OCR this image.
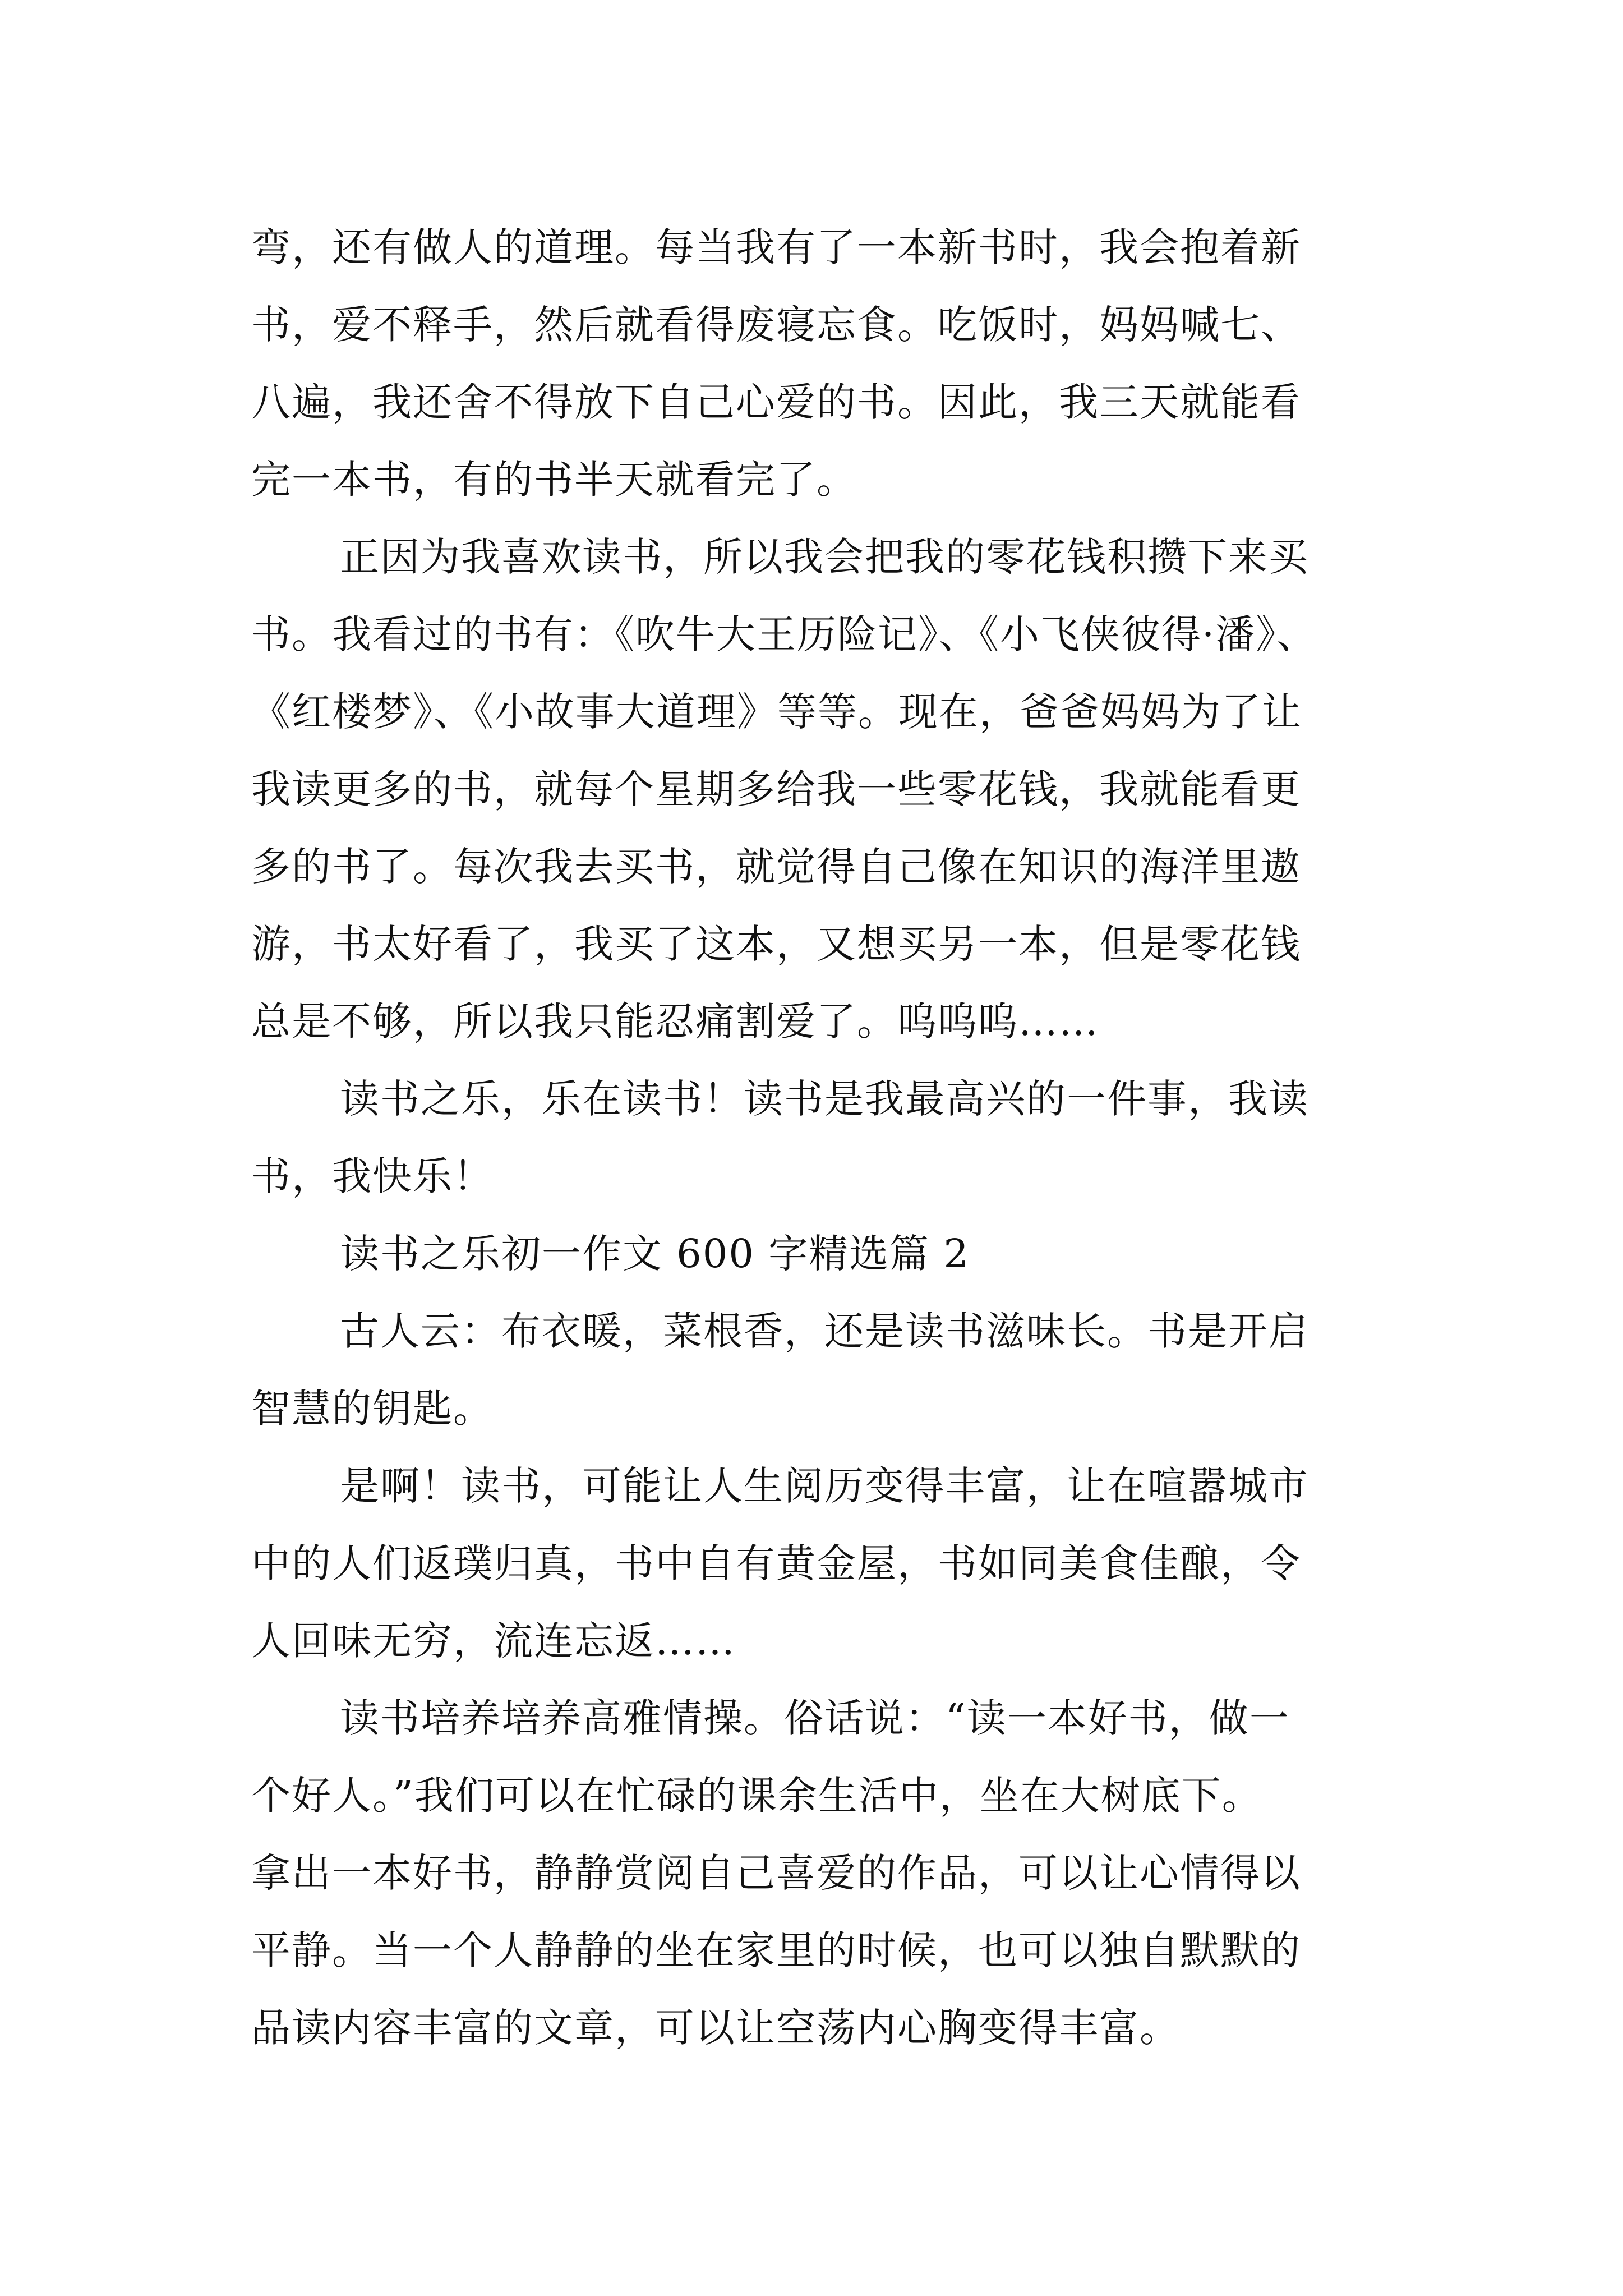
弯，还有做人的道理。每当我有了一本新书时，我会抱着新
书，爱不释手，然后就看得废寝忘食。吃饭时，妈妈喊七、
八遍，我还舍不得放下自己心爱的书。因此，我三天就能看
完一本书，有的书半天就看完了。
正因为我喜欢读书，所以我会把我的零花钱积攒下来买
书。我看过的书有：《吹牛大王历险记》、《小飞侠彼得·潘》、
《红楼梦》、《小故事大道理》等等。现在，爸爸妈妈为了让
我读更多的书，就每个星期多给我一些零花钱，我就能看更
多的书了。每次我去买书，就觉得自己像在知识的海洋里遨
游，书太好看了，我买了这本，又想买另一本，但是零花钱
总是不够，所以我只能忍痛割爱了。呜呜呜……
读书之乐，乐在读书！读书是我最高兴的一件事，我读
书，我快乐！
读书之乐初一作文 600 字精选篇 2
古人云：布衣暖，菜根香，还是读书滋味长。书是开启
智慧的钥匙。
是啊！读书，可能让人生阅历变得丰富，让在喧嚣城市
中的人们返璞归真，书中自有黄金屋，书如同美食佳酿，令
人回味无穷，流连忘返……
读书培养培养高雅情操。俗话说：“读一本好书，做一
个好人。”我们可以在忙碌的课余生活中，坐在大树底下。
拿出一本好书，静静赏阅自己喜爱的作品，可以让心情得以
平静。当一个人静静的坐在家里的时候，也可以独自默默的
品读内容丰富的文章，可以让空荡内心胸变得丰富。
